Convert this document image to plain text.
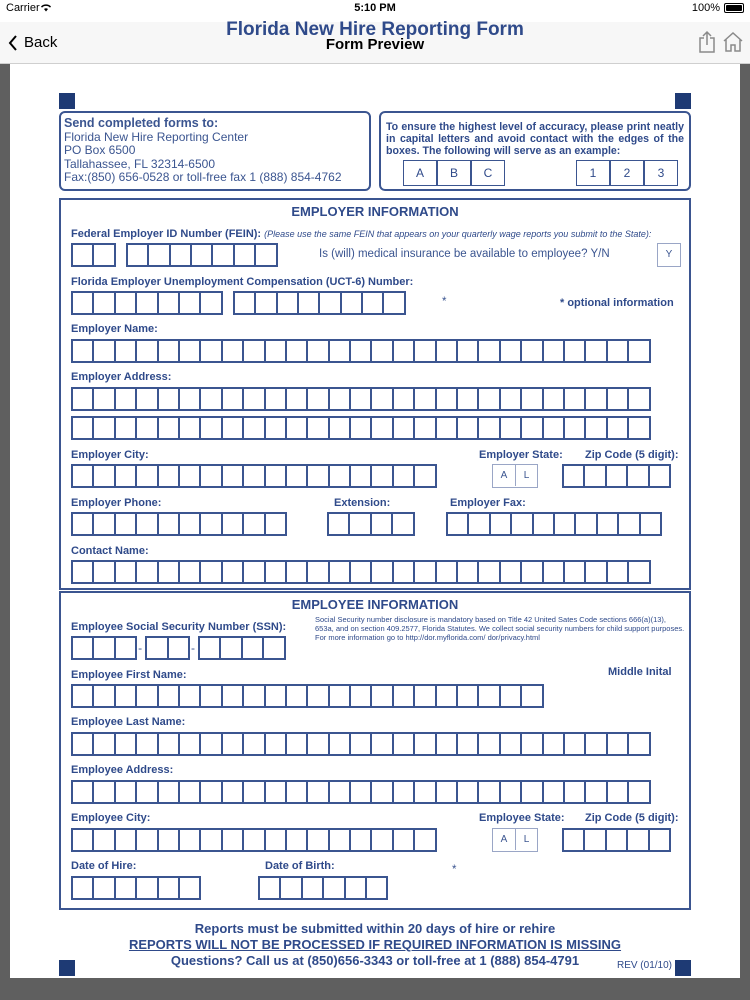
Carrier	5:10 PM	100%
Back	Form Preview
Florida New Hire Reporting Form
Send completed forms to:
Florida New Hire Reporting Center
PO Box 6500
Tallahassee, FL 32314-6500
Fax:(850) 656-0528 or toll-free fax 1 (888) 854-4762
To ensure the highest level of accuracy, please print neatly in capital letters and avoid contact with the edges of the boxes. The following will serve as an example:
A	B	C	1	2	3
EMPLOYER INFORMATION
Federal Employer ID Number (FEIN): (Please use the same FEIN that appears on your quarterly wage reports you submit to the State):
Is (will) medical insurance be available to employee? Y/N	Y
Florida Employer Unemployment Compensation (UCT-6) Number:
*	* optional information
Employer Name:
Employer Address:
Employer City:	Employer State: Zip Code (5 digit):
A	L
Employer Phone:	Extension:	Employer Fax:
Contact Name:
EMPLOYEE INFORMATION
Employee Social Security Number (SSN):
Social Security number disclosure is mandatory based on Title 42 United Sates Code sections 666(a)(13), 653a, and on section 409.2577, Florida Statutes. We collect social security numbers for child support purposes. For more information go to http://dor.myflorida.com/ dor/privacy.html
-	-
Employee First Name:	Middle Inital
Employee Last Name:
Employee Address:
Employee City:	Employee State: Zip Code (5 digit):
A	L
Date of Hire:	Date of Birth:	*
Reports must be submitted within 20 days of hire or rehire
REPORTS WILL NOT BE PROCESSED IF REQUIRED INFORMATION IS MISSING
Questions? Call us at (850)656-3343 or toll-free at 1 (888) 854-4791	REV (01/10)
